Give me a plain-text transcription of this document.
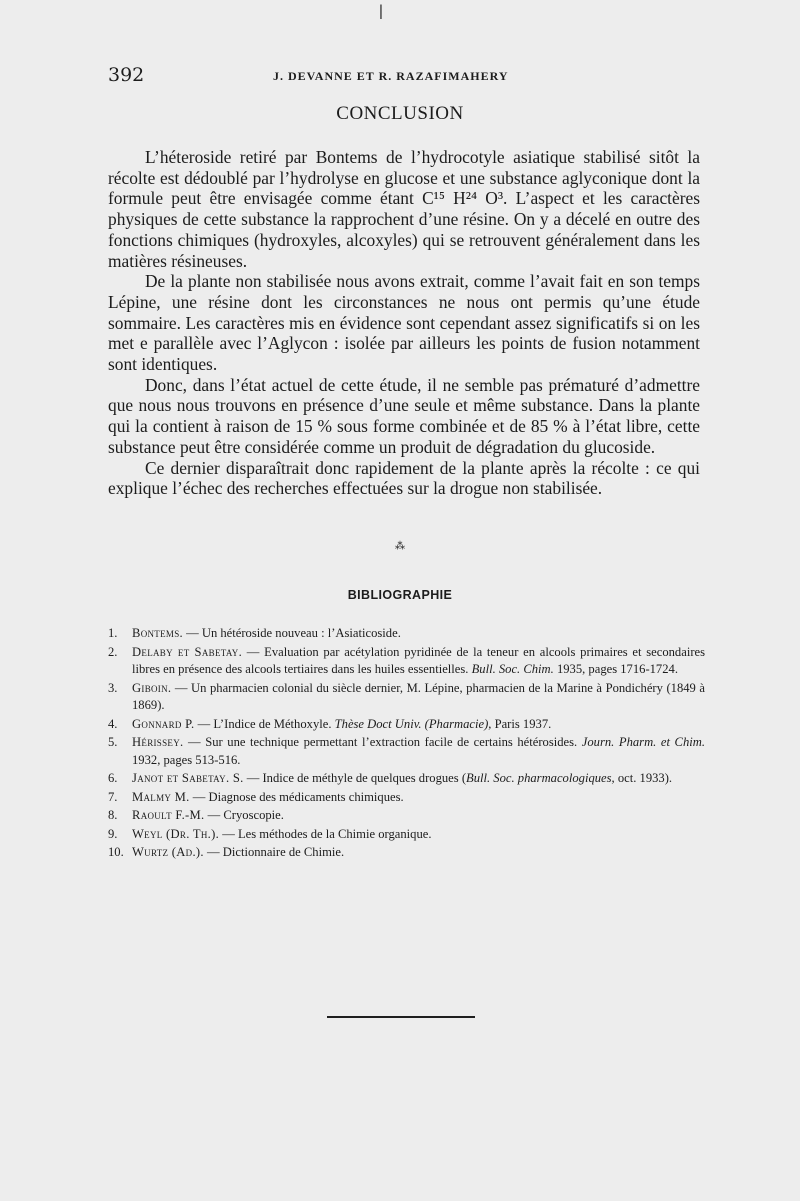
ǀ
392	J. DEVANNE ET R. RAZAFIMAHERY
CONCLUSION

L’héteroside retiré par Bontems de l’hydrocotyle asiatique stabilisé sitôt la récolte est dédoublé par l’hydrolyse en glucose et une substance aglyconique dont la formule peut être envisagée comme étant C¹⁵ H²⁴ O³. L’aspect et les caractères physiques de cette substance la rapprochent d’une résine. On y a décelé en outre des fonctions chimiques (hydroxyles, alcoxyles) qui se retrouvent généralement dans les matières résineuses.

De la plante non stabilisée nous avons extrait, comme l’avait fait en son temps Lépine, une résine dont les circonstances ne nous ont permis qu’une étude sommaire. Les caractères mis en évidence sont cependant assez significatifs si on les met e parallèle avec l’Aglycon : isolée par ailleurs les points de fusion notamment sont identiques.

Donc, dans l’état actuel de cette étude, il ne semble pas prématuré d’admettre que nous nous trouvons en présence d’une seule et même substance. Dans la plante qui la contient à raison de 15 % sous forme combinée et de 85 % à l’état libre, cette substance peut être considérée comme un produit de dégradation du glucoside.

Ce dernier disparaîtrait donc rapidement de la plante après la récolte : ce qui explique l’échec des recherches effectuées sur la drogue non stabilisée.

⁂
BIBLIOGRAPHIE
1. Bontems. — Un hétéroside nouveau : l’Asiaticoside.
2. Delaby et Sabetay. — Evaluation par acétylation pyridinée de la teneur en alcools primaires et secondaires libres en présence des alcools tertiaires dans les huiles essentielles. Bull. Soc. Chim. 1935, pages 1716-1724.
3. Giboin. — Un pharmacien colonial du siècle dernier, M. Lépine, pharmacien de la Marine à Pondichéry (1849 à 1869).
4. Gonnard P. — L’Indice de Méthoxyle. Thèse Doct Univ. (Pharmacie), Paris 1937.
5. Hérissey. — Sur une technique permettant l’extraction facile de certains hétérosides. Journ. Pharm. et Chim. 1932, pages 513-516.
6. Janot et Sabetay. S. — Indice de méthyle de quelques drogues (Bull. Soc. pharmacologiques, oct. 1933).
7. Malmy M. — Diagnose des médicaments chimiques.
8. Raoult F.-M. — Cryoscopie.
9. Weyl (Dr. Th.). — Les méthodes de la Chimie organique.
10. Wurtz (Ad.). — Dictionnaire de Chimie.
